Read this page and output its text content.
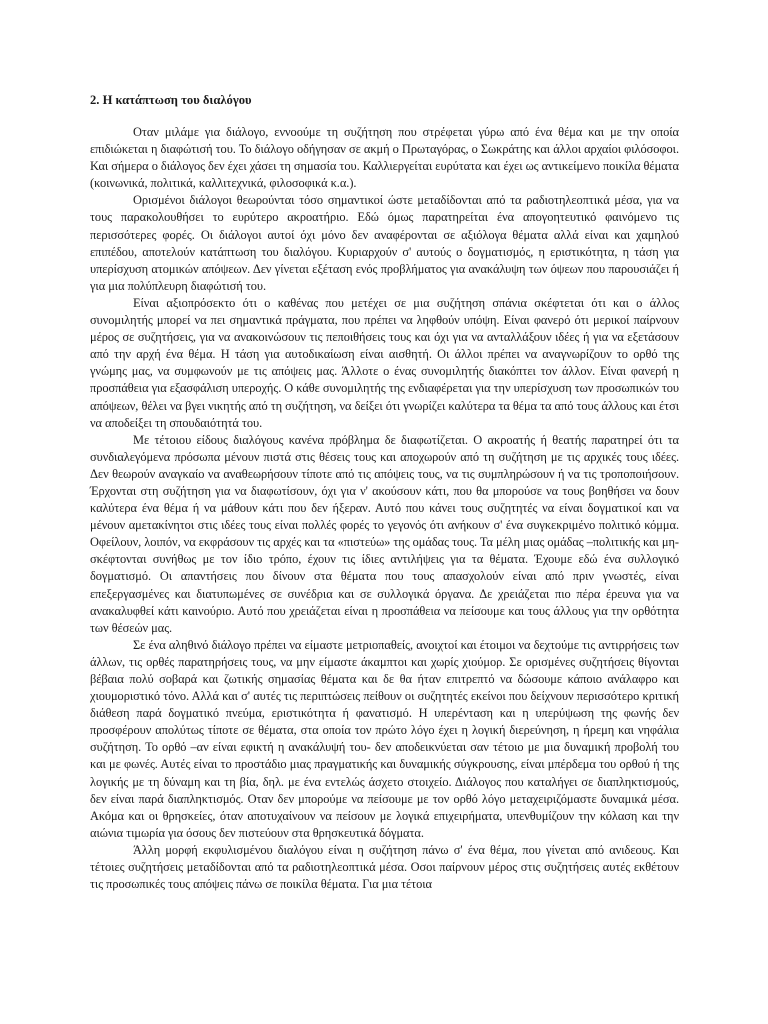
2. Η κατάπτωση του διαλόγου

Οταν μιλάμε για διάλογο, εννοούμε τη συζήτηση που στρέφεται γύρω από ένα θέμα και με την οποία επιδιώκεται η διαφώτισή του. Το διάλογο οδήγησαν σε ακμή ο Πρωταγόρας, ο Σωκράτης και άλλοι αρχαίοι φιλόσοφοι. Και σήμερα ο διάλογος δεν έχει χάσει τη σημασία του. Καλλιεργείται ευρύτατα και έχει ως αντικείμενο ποικίλα θέματα (κοινωνικά, πολιτικά, καλλιτεχνικά, φιλοσοφικά κ.α.).

Ορισμένοι διάλογοι θεωρούνται τόσο σημαντικοί ώστε μεταδίδονται από τα ραδιοτηλεοπτικά μέσα, για να τους παρακολουθήσει το ευρύτερο ακροατήριο. Εδώ όμως παρατηρείται ένα απογοητευτικό φαινόμενο τις περισσότερες φορές. Οι διάλογοι αυτοί όχι μόνο δεν αναφέρονται σε αξιόλογα θέματα αλλά είναι και χαμηλού επιπέδου, αποτελούν κατάπτωση του διαλόγου. Κυριαρχούν σ' αυτούς ο δογματισμός, η εριστικότητα, η τάση για υπερίσχυση ατομικών απόψεων. Δεν γίνεται εξέταση ενός προβλήματος για ανακάλυψη των όψεων που παρουσιάζει ή για μια πολύπλευρη διαφώτισή του.

Είναι αξιοπρόσεκτο ότι ο καθένας που μετέχει σε μια συζήτηση σπάνια σκέφτεται ότι και ο άλλος συνομιλητής μπορεί να πει σημαντικά πράγματα, που πρέπει να ληφθούν υπόψη. Είναι φανερό ότι μερικοί παίρνουν μέρος σε συζητήσεις, για να ανακοινώσουν τις πεποιθήσεις τους και όχι για να ανταλλάξουν ιδέες ή για να εξετάσουν από την αρχή ένα θέμα. Η τάση για αυτοδικαίωση είναι αισθητή. Οι άλλοι πρέπει να αναγνωρίζουν το ορθό της γνώμης μας, να συμφωνούν με τις απόψεις μας. Άλλοτε ο ένας συνομιλητής διακόπτει τον άλλον. Είναι φανερή η προσπάθεια για εξασφάλιση υπεροχής. Ο κάθε συνομιλητής της ενδιαφέρεται για την υπερίσχυση των προσωπικών του απόψεων, θέλει να βγει νικητής από τη συζήτηση, να δείξει ότι γνωρίζει καλύτερα τα θέμα τα από τους άλλους και έτσι να αποδείξει τη σπουδαιότητά του.

Με τέτοιου είδους διαλόγους κανένα πρόβλημα δε διαφωτίζεται. Ο ακροατής ή θεατής παρατηρεί ότι τα συνδιαλεγόμενα πρόσωπα μένουν πιστά στις θέσεις τους και αποχωρούν από τη συζήτηση με τις αρχικές τους ιδέες. Δεν θεωρούν αναγκαίο να αναθεωρήσουν τίποτε από τις απόψεις τους, να τις συμπληρώσουν ή να τις τροποποιήσουν. Έρχονται στη συζήτηση για να διαφωτίσουν, όχι για ν' ακούσουν κάτι, που θα μπορούσε να τους βοηθήσει να δουν καλύτερα ένα θέμα ή να μάθουν κάτι που δεν ήξεραν. Αυτό που κάνει τους συζητητές να είναι δογματικοί και να μένουν αμετακίνητοι στις ιδέες τους είναι πολλές φορές το γεγονός ότι ανήκουν σ' ένα συγκεκριμένο πολιτικό κόμμα. Οφείλουν, λοιπόν, να εκφράσουν τις αρχές και τα «πιστεύω» της ομάδας τους. Τα μέλη μιας ομάδας –πολιτικής και μη- σκέφτονται συνήθως με τον ίδιο τρόπο, έχουν τις ίδιες αντιλήψεις για τα θέματα. Έχουμε εδώ ένα συλλογικό δογματισμό. Οι απαντήσεις που δίνουν στα θέματα που τους απασχολούν είναι από πριν γνωστές, είναι επεξεργασμένες και διατυπωμένες σε συνέδρια και σε συλλογικά όργανα. Δε χρειάζεται πιο πέρα έρευνα για να ανακαλυφθεί κάτι καινούριο. Αυτό που χρειάζεται είναι η προσπάθεια να πείσουμε και τους άλλους για την ορθότητα των θέσεών μας.

Σε ένα αληθινό διάλογο πρέπει να είμαστε μετριοπαθείς, ανοιχτοί και έτοιμοι να δεχτούμε τις αντιρρήσεις των άλλων, τις ορθές παρατηρήσεις τους, να μην είμαστε άκαμπτοι και χωρίς χιούμορ. Σε ορισμένες συζητήσεις θίγονται βέβαια πολύ σοβαρά και ζωτικής σημασίας θέματα και δε θα ήταν επιτρεπτό να δώσουμε κάποιο ανάλαφρο και χιουμοριστικό τόνο. Αλλά και σ' αυτές τις περιπτώσεις πείθουν οι συζητητές εκείνοι που δείχνουν περισσότερο κριτική διάθεση παρά δογματικό πνεύμα, εριστικότητα ή φανατισμό. Η υπερένταση και η υπερύψωση της φωνής δεν προσφέρουν απολύτως τίποτε σε θέματα, στα οποία τον πρώτο λόγο έχει η λογική διερεύνηση, η ήρεμη και νηφάλια συζήτηση. Το ορθό –αν είναι εφικτή η ανακάλυψή του- δεν αποδεικνύεται σαν τέτοιο με μια δυναμική προβολή του και με φωνές. Αυτές είναι το προστάδιο μιας πραγματικής και δυναμικής σύγκρουσης, είναι μπέρδεμα του ορθού ή της λογικής με τη δύναμη και τη βία, δηλ. με ένα εντελώς άσχετο στοιχείο. Διάλογος που καταλήγει σε διαπληκτισμούς, δεν είναι παρά διαπληκτισμός. Οταν δεν μπορούμε να πείσουμε με τον ορθό λόγο μεταχειριζόμαστε δυναμικά μέσα. Ακόμα και οι θρησκείες, όταν αποτυχαίνουν να πείσουν με λογικά επιχειρήματα, υπενθυμίζουν την κόλαση και την αιώνια τιμωρία για όσους δεν πιστεύουν στα θρησκευτικά δόγματα.

Άλλη μορφή εκφυλισμένου διαλόγου είναι η συζήτηση πάνω σ' ένα θέμα, που γίνεται από ανιδεους. Και τέτοιες συζητήσεις μεταδίδονται από τα ραδιοτηλεοπτικά μέσα. Οσοι παίρνουν μέρος στις συζητήσεις αυτές εκθέτουν τις προσωπικές τους απόψεις πάνω σε ποικίλα θέματα. Για μια τέτοια
